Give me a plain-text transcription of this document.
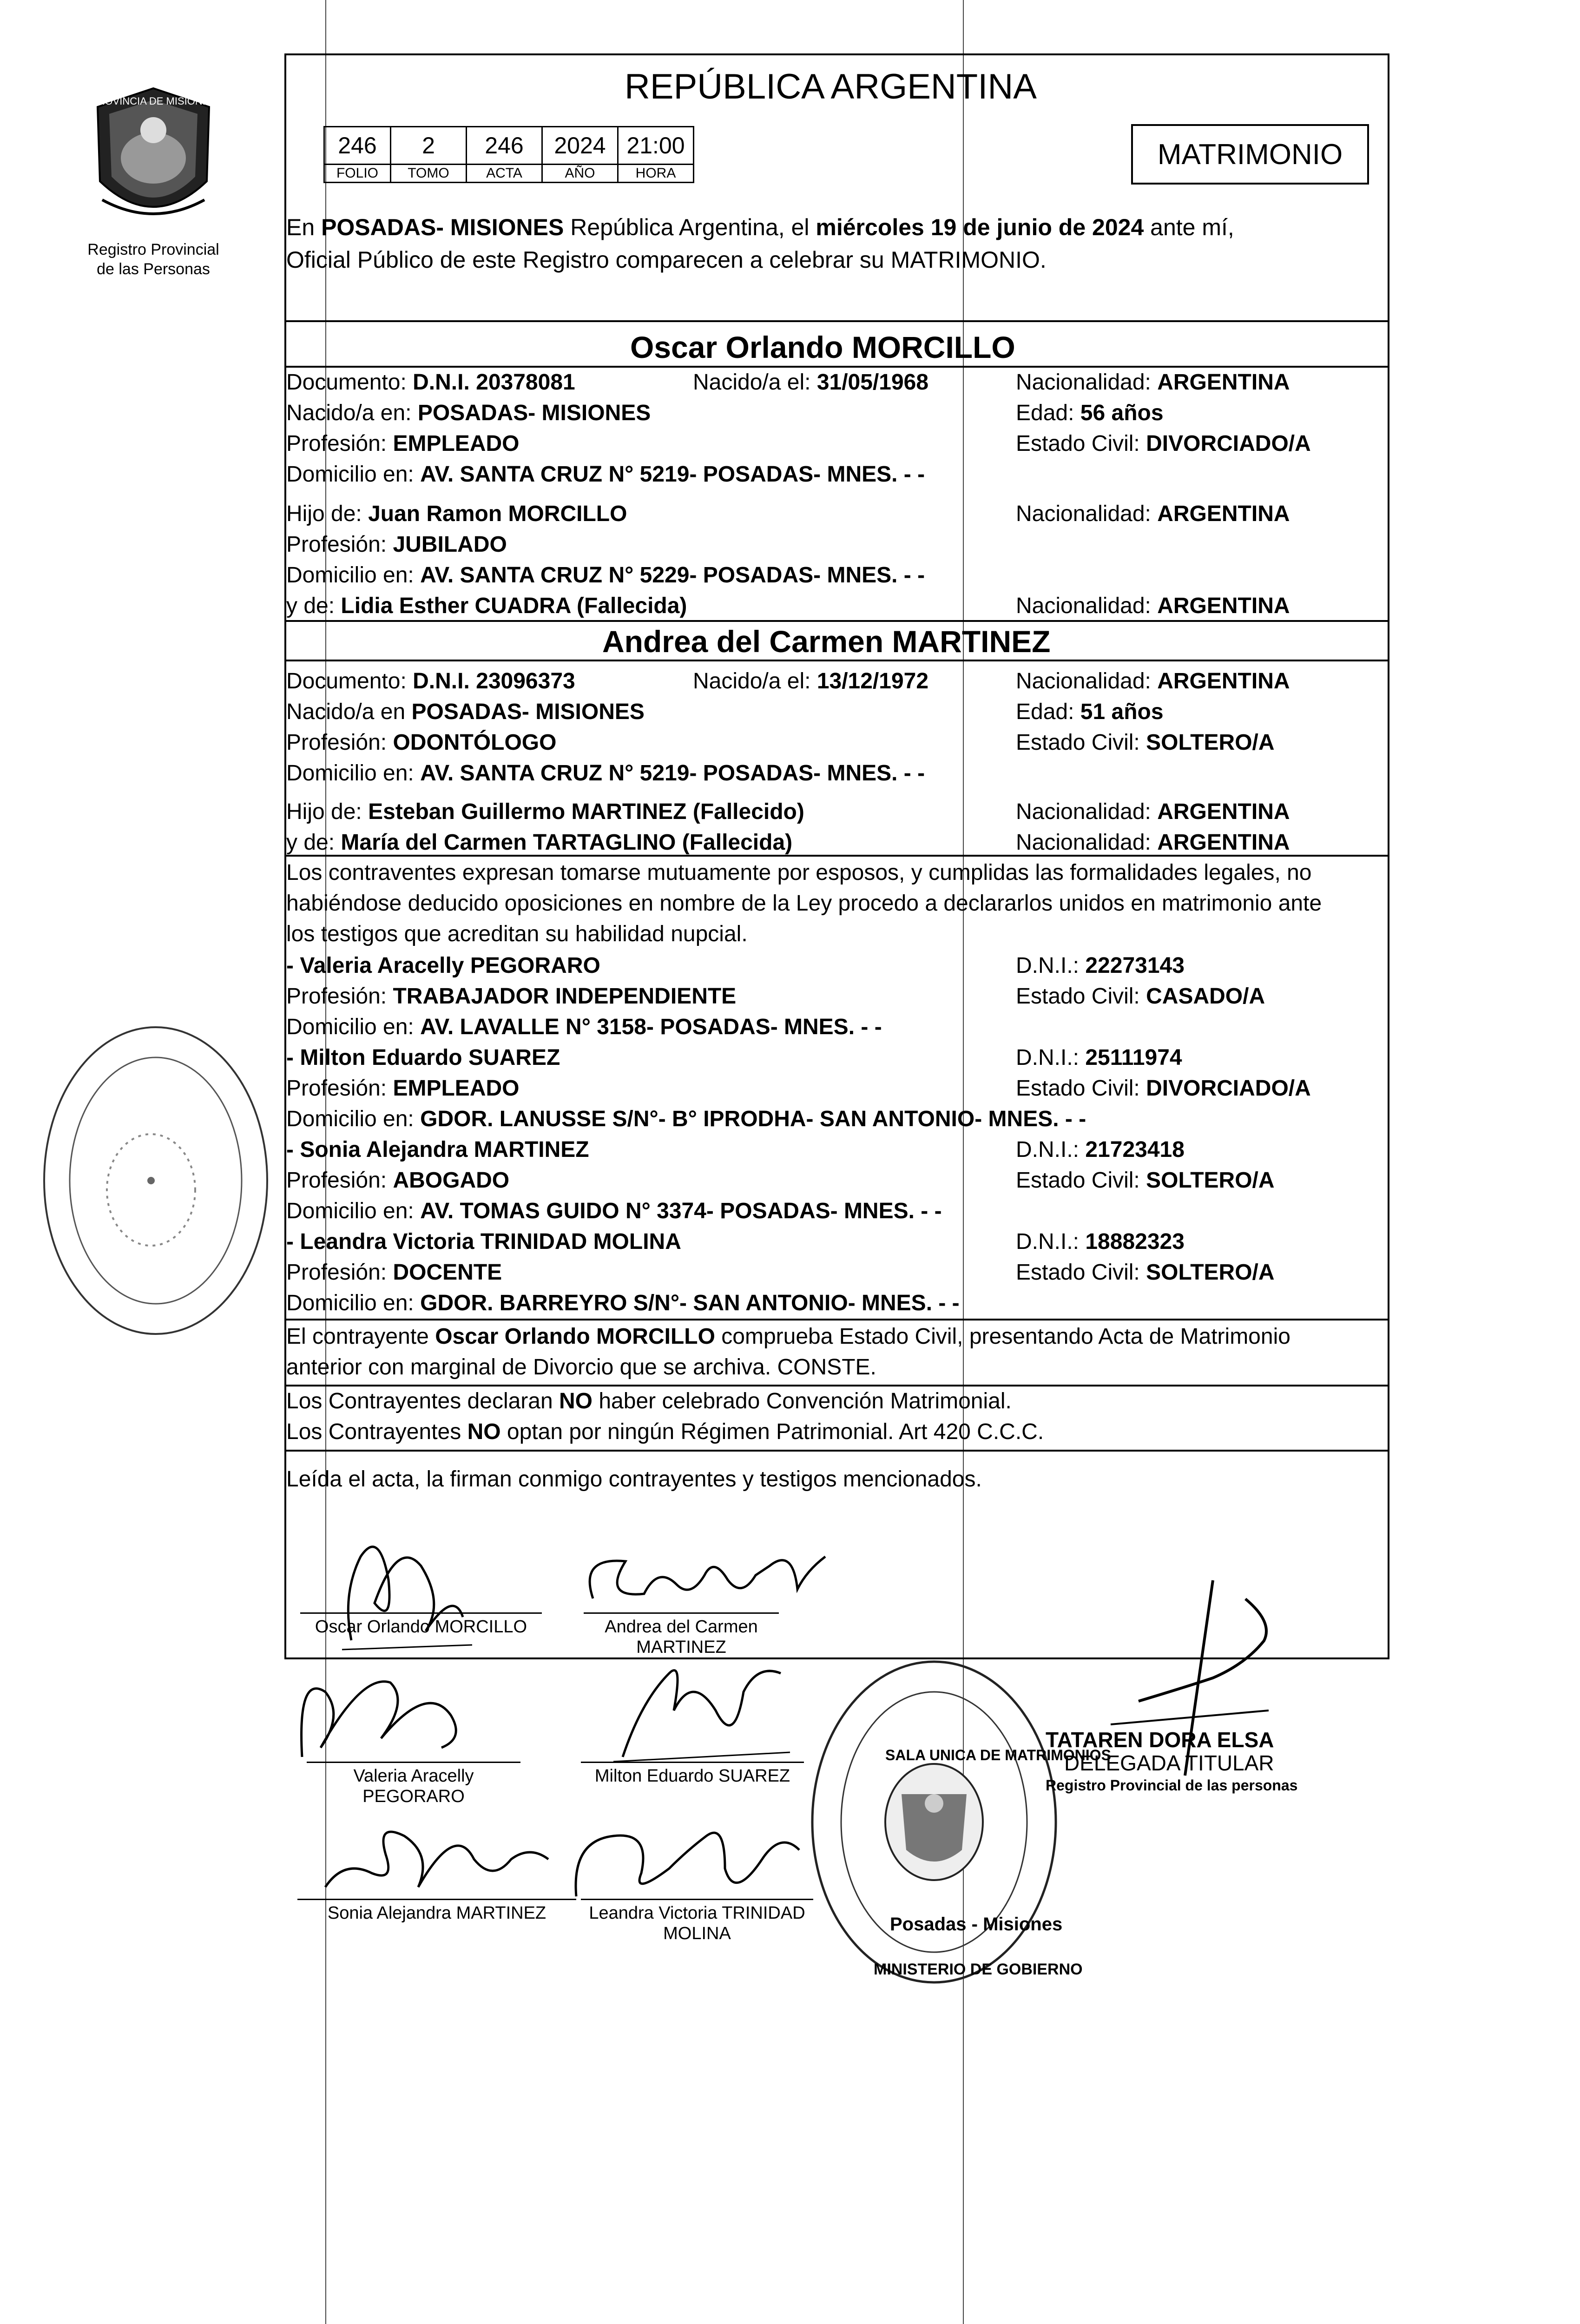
PROVINCIA DE MISIONES
Registro Provincial
de las Personas
REPÚBLICA ARGENTINA
246	2	246	2024	21:00
FOLIO	TOMO	ACTA	AÑO	HORA
MATRIMONIO
En POSADAS- MISIONES República Argentina, el miércoles 19 de junio de 2024 ante mí,
Oficial Público de este Registro comparecen a celebrar su MATRIMONIO.
Oscar Orlando MORCILLO
Documento: D.N.I. 20378081	Nacido/a el: 31/05/1968	Nacionalidad: ARGENTINA
Nacido/a en: POSADAS- MISIONES	Edad: 56 años
Profesión: EMPLEADO	Estado Civil: DIVORCIADO/A
Domicilio en: AV. SANTA CRUZ N° 5219- POSADAS- MNES. - -
Hijo de: Juan Ramon MORCILLO	Nacionalidad: ARGENTINA
Profesión: JUBILADO
Domicilio en: AV. SANTA CRUZ N° 5229- POSADAS- MNES. - -
y de: Lidia Esther CUADRA (Fallecida)	Nacionalidad: ARGENTINA
Andrea del Carmen MARTINEZ
Documento: D.N.I. 23096373	Nacido/a el: 13/12/1972	Nacionalidad: ARGENTINA
Nacido/a en POSADAS- MISIONES	Edad: 51 años
Profesión: ODONTÓLOGO	Estado Civil: SOLTERO/A
Domicilio en: AV. SANTA CRUZ N° 5219- POSADAS- MNES. - -
Hijo de: Esteban Guillermo MARTINEZ (Fallecido)	Nacionalidad: ARGENTINA
y de: María del Carmen TARTAGLINO (Fallecida)	Nacionalidad: ARGENTINA
Los contraventes expresan tomarse mutuamente por esposos, y cumplidas las formalidades legales, no
habiéndose deducido oposiciones en nombre de la Ley procedo a declararlos unidos en matrimonio ante
los testigos que acreditan su habilidad nupcial.
- Valeria Aracelly PEGORARO	D.N.I.: 22273143
Profesión: TRABAJADOR INDEPENDIENTE	Estado Civil: CASADO/A
Domicilio en: AV. LAVALLE N° 3158- POSADAS- MNES. - -
- Milton Eduardo SUAREZ	D.N.I.: 25111974
Profesión: EMPLEADO	Estado Civil: DIVORCIADO/A
Domicilio en: GDOR. LANUSSE S/N°- B° IPRODHA- SAN ANTONIO- MNES. - -
- Sonia Alejandra MARTINEZ	D.N.I.: 21723418
Profesión: ABOGADO	Estado Civil: SOLTERO/A
Domicilio en: AV. TOMAS GUIDO N° 3374- POSADAS- MNES. - -
- Leandra Victoria TRINIDAD MOLINA	D.N.I.: 18882323
Profesión: DOCENTE	Estado Civil: SOLTERO/A
Domicilio en: GDOR. BARREYRO S/N°- SAN ANTONIO- MNES. - -
El contrayente Oscar Orlando MORCILLO comprueba Estado Civil, presentando Acta de Matrimonio
anterior con marginal de Divorcio que se archiva. CONSTE.
Los Contrayentes declaran NO haber celebrado Convención Matrimonial.
Los Contrayentes NO optan por ningún Régimen Patrimonial. Art 420 C.C.C.
Leída el acta, la firman conmigo contrayentes y testigos mencionados.
Oscar Orlando MORCILLO	Andrea del Carmen
MARTINEZ
Valeria Aracelly
PEGORARO
Milton Eduardo SUAREZ
Sonia Alejandra MARTINEZ	Leandra Victoria TRINIDAD
MOLINA
SALA UNICA DE MATRIMONIOS
Posadas - Misiones
MINISTERIO DE GOBIERNO
TATAREN DORA ELSA
DELEGADA TITULAR
Registro Provincial de las personas
